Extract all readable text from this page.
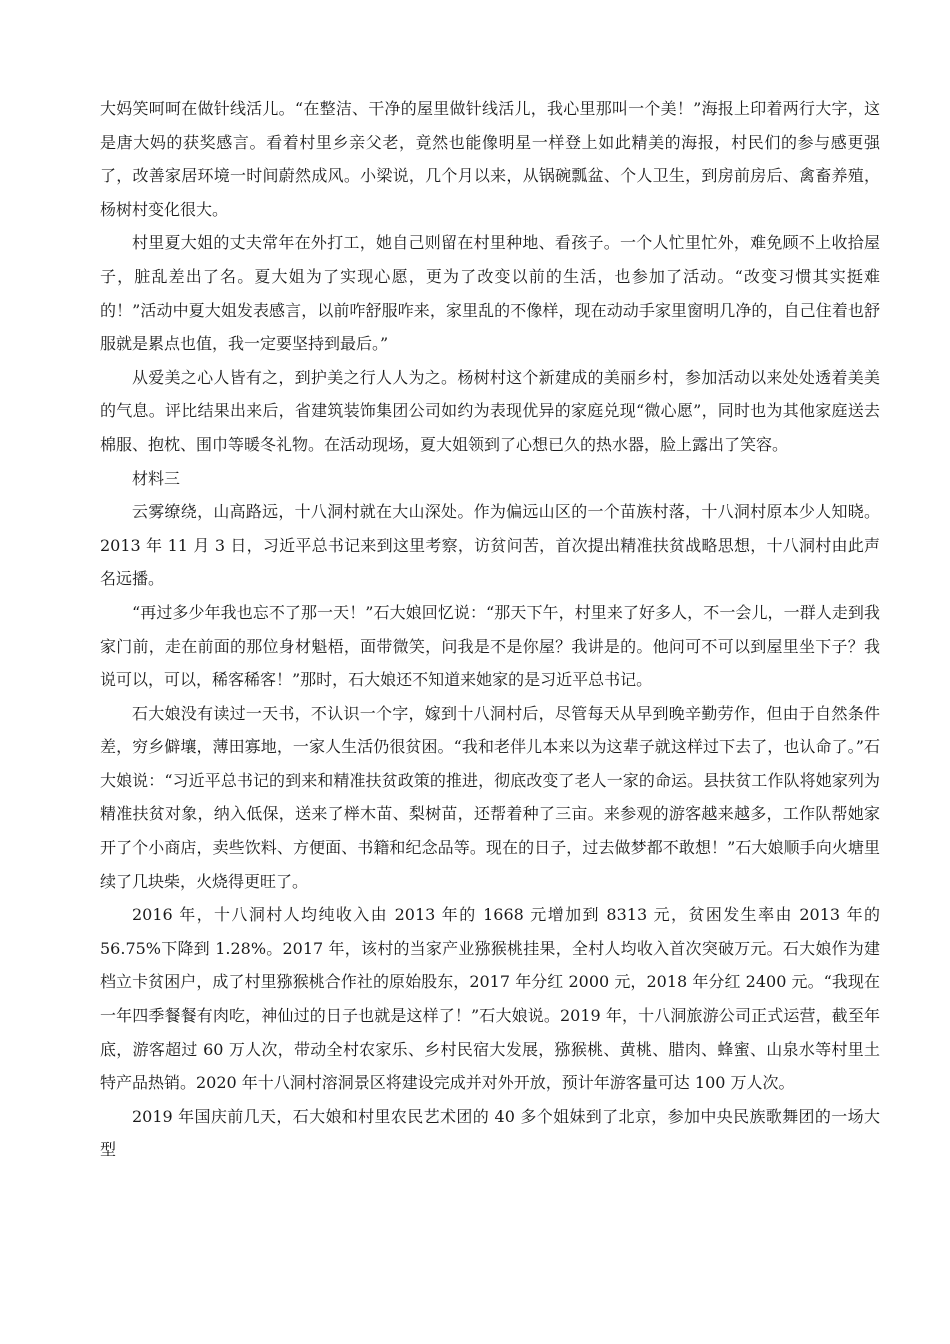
大妈笑呵呵在做针线活儿。“在整洁、干净的屋里做针线活儿，我心里那叫一个美！”海报上印着两行大字，这是唐大妈的获奖感言。看着村里乡亲父老，竟然也能像明星一样登上如此精美的海报，村民们的参与感更强了，改善家居环境一时间蔚然成风。小梁说，几个月以来，从锅碗瓢盆、个人卫生，到房前房后、禽畜养殖，杨树村变化很大。

村里夏大姐的丈夫常年在外打工，她自己则留在村里种地、看孩子。一个人忙里忙外，难免顾不上收拾屋子，脏乱差出了名。夏大姐为了实现心愿，更为了改变以前的生活，也参加了活动。“改变习惯其实挺难的！”活动中夏大姐发表感言，以前咋舒服咋来，家里乱的不像样，现在动动手家里窗明几净的，自己住着也舒服就是累点也值，我一定要坚持到最后。”

从爱美之心人皆有之，到护美之行人人为之。杨树村这个新建成的美丽乡村，参加活动以来处处透着美美的气息。评比结果出来后，省建筑装饰集团公司如约为表现优异的家庭兑现“微心愿”，同时也为其他家庭送去棉服、抱枕、围巾等暖冬礼物。在活动现场，夏大姐领到了心想已久的热水器，脸上露出了笑容。

材料三

云雾缭绕，山高路远，十八洞村就在大山深处。作为偏远山区的一个苗族村落，十八洞村原本少人知晓。2013 年 11 月 3 日，习近平总书记来到这里考察，访贫问苦，首次提出精准扶贫战略思想，十八洞村由此声名远播。

“再过多少年我也忘不了那一天！”石大娘回忆说：“那天下午，村里来了好多人，不一会儿，一群人走到我家门前，走在前面的那位身材魁梧，面带微笑，问我是不是你屋？我讲是的。他问可不可以到屋里坐下子？我说可以，可以，稀客稀客！”那时，石大娘还不知道来她家的是习近平总书记。

石大娘没有读过一天书，不认识一个字，嫁到十八洞村后，尽管每天从早到晚辛勤劳作，但由于自然条件差，穷乡僻壤，薄田寡地，一家人生活仍很贫困。“我和老伴儿本来以为这辈子就这样过下去了，也认命了。”石大娘说：“习近平总书记的到来和精准扶贫政策的推进，彻底改变了老人一家的命运。县扶贫工作队将她家列为精准扶贫对象，纳入低保，送来了榉木苗、梨树苗，还帮着种了三亩。来参观的游客越来越多，工作队帮她家开了个小商店，卖些饮料、方便面、书籍和纪念品等。现在的日子，过去做梦都不敢想！”石大娘顺手向火塘里续了几块柴，火烧得更旺了。

2016 年，十八洞村人均纯收入由 2013 年的 1668 元增加到 8313 元，贫困发生率由 2013 年的 56.75%下降到 1.28%。2017 年，该村的当家产业猕猴桃挂果，全村人均收入首次突破万元。石大娘作为建档立卡贫困户，成了村里猕猴桃合作社的原始股东，2017 年分红 2000 元，2018 年分红 2400 元。“我现在一年四季餐餐有肉吃，神仙过的日子也就是这样了！”石大娘说。2019 年，十八洞旅游公司正式运营，截至年底，游客超过 60 万人次，带动全村农家乐、乡村民宿大发展，猕猴桃、黄桃、腊肉、蜂蜜、山泉水等村里土特产品热销。2020 年十八洞村溶洞景区将建设完成并对外开放，预计年游客量可达 100 万人次。

2019 年国庆前几天，石大娘和村里农民艺术团的 40 多个姐妹到了北京，参加中央民族歌舞团的一场大型
